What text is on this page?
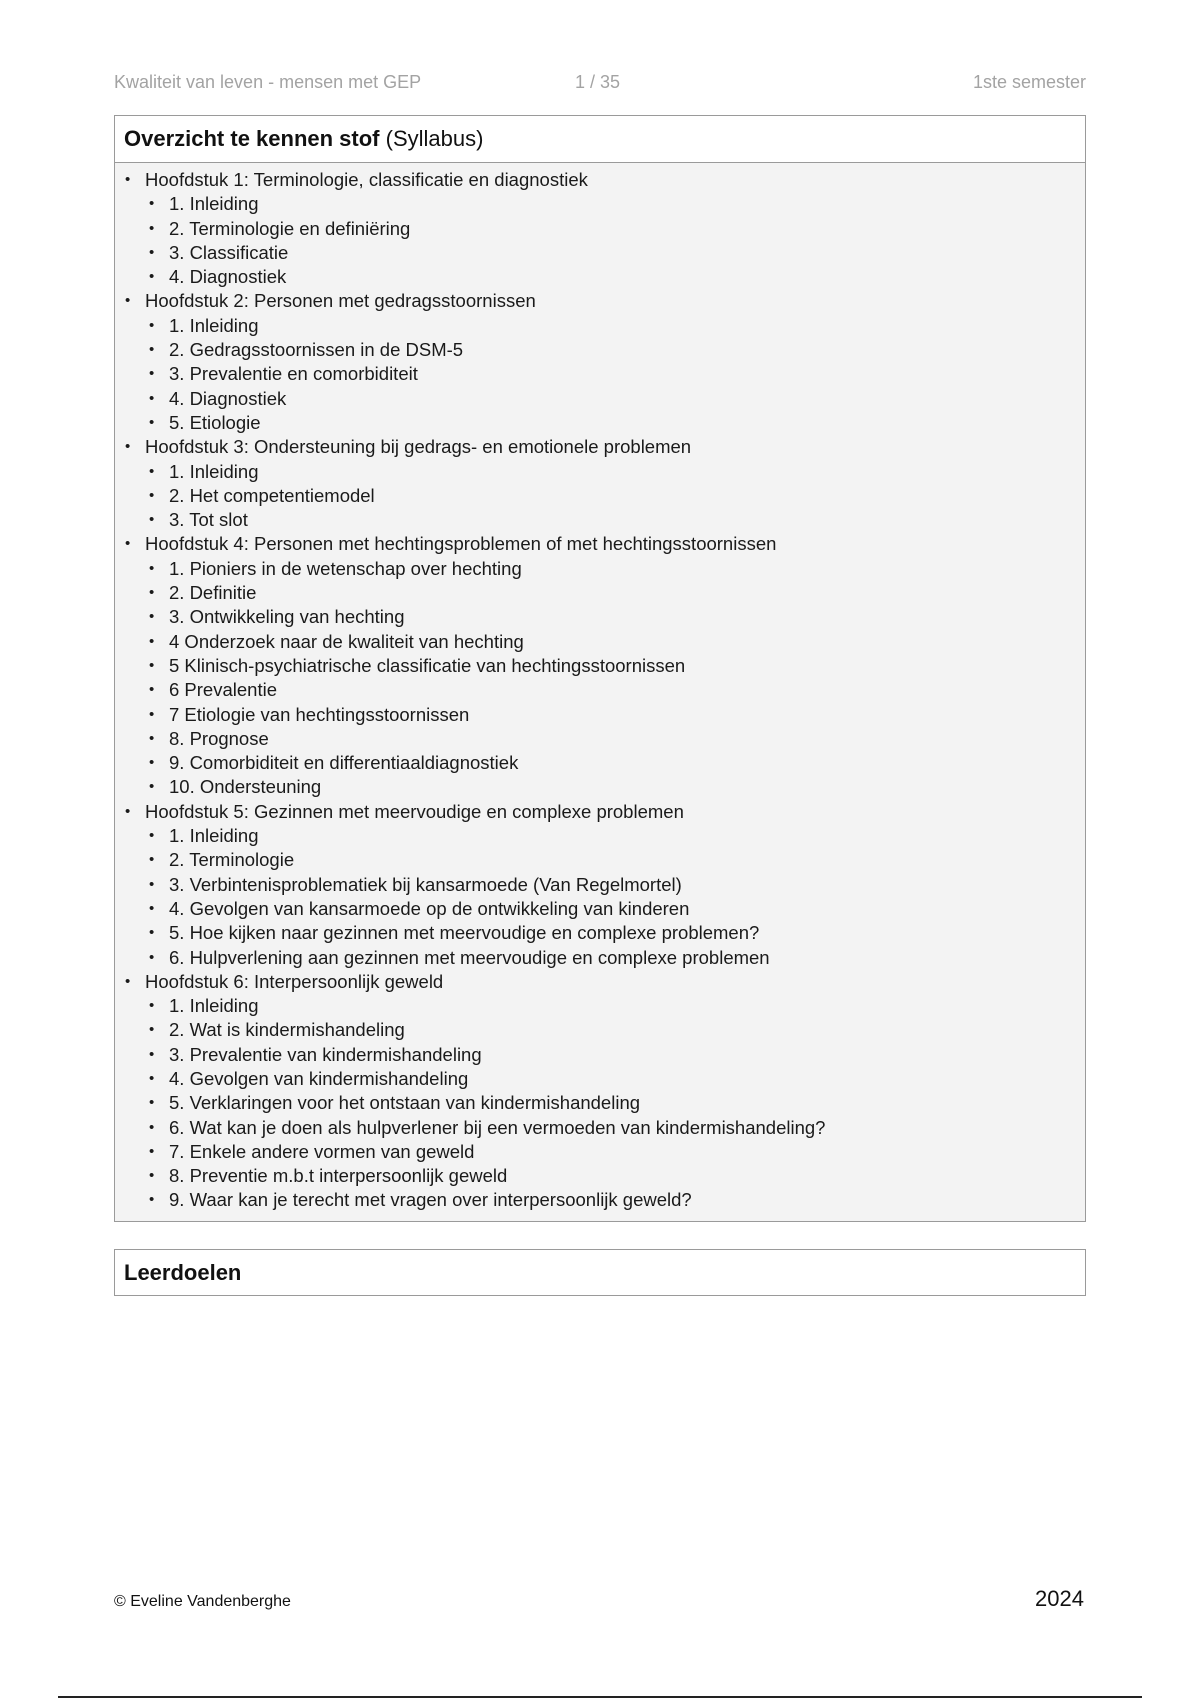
Kwaliteit van leven - mensen met GEP	1 / 35	1ste semester
Overzicht te kennen stof (Syllabus)
• Hoofdstuk 1: Terminologie, classificatie en diagnostiek
• 1. Inleiding
• 2. Terminologie en definiëring
• 3. Classificatie
• 4. Diagnostiek
• Hoofdstuk 2: Personen met gedragsstoornissen
• 1. Inleiding
• 2. Gedragsstoornissen in de DSM-5
• 3. Prevalentie en comorbiditeit
• 4. Diagnostiek
• 5. Etiologie
• Hoofdstuk 3: Ondersteuning bij gedrags- en emotionele problemen
• 1. Inleiding
• 2. Het competentiemodel
• 3. Tot slot
• Hoofdstuk 4: Personen met hechtingsproblemen of met hechtingsstoornissen
• 1. Pioniers in de wetenschap over hechting
• 2. Definitie
• 3. Ontwikkeling van hechting
• 4 Onderzoek naar de kwaliteit van hechting
• 5 Klinisch-psychiatrische classificatie van hechtingsstoornissen
• 6 Prevalentie
• 7 Etiologie van hechtingsstoornissen
• 8. Prognose
• 9. Comorbiditeit en differentiaaldiagnostiek
• 10. Ondersteuning
• Hoofdstuk 5: Gezinnen met meervoudige en complexe problemen
• 1. Inleiding
• 2. Terminologie
• 3. Verbintenisproblematiek bij kansarmoede (Van Regelmortel)
• 4. Gevolgen van kansarmoede op de ontwikkeling van kinderen
• 5. Hoe kijken naar gezinnen met meervoudige en complexe problemen?
• 6. Hulpverlening aan gezinnen met meervoudige en complexe problemen
• Hoofdstuk 6: Interpersoonlijk geweld
• 1. Inleiding
• 2. Wat is kindermishandeling
• 3. Prevalentie van kindermishandeling
• 4. Gevolgen van kindermishandeling
• 5. Verklaringen voor het ontstaan van kindermishandeling
• 6. Wat kan je doen als hulpverlener bij een vermoeden van kindermishandeling?
• 7. Enkele andere vormen van geweld
• 8. Preventie m.b.t interpersoonlijk geweld
• 9. Waar kan je terecht met vragen over interpersoonlijk geweld?
Leerdoelen
© Eveline Vandenberghe	2024
